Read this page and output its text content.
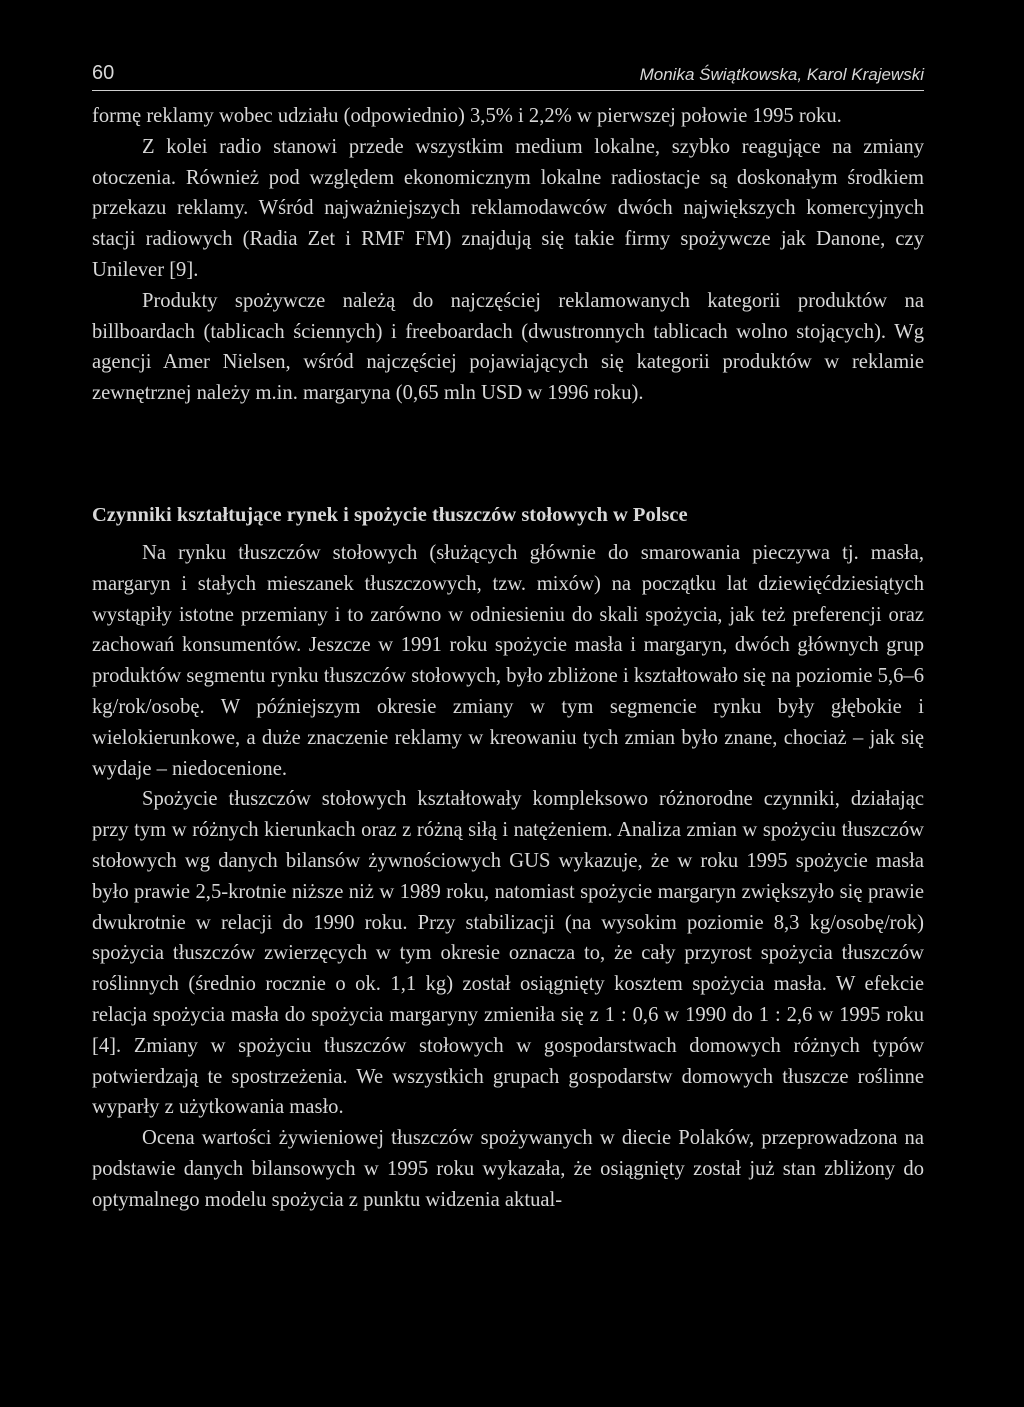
60	Monika Świątkowska, Karol Krajewski

formę reklamy wobec udziału (odpowiednio) 3,5% i 2,2% w pierwszej połowie 1995 roku.

Z kolei radio stanowi przede wszystkim medium lokalne, szybko reagujące na zmiany otoczenia. Również pod względem ekonomicznym lokalne radiostacje są doskonałym środkiem przekazu reklamy. Wśród najważniejszych reklamodawców dwóch największych komercyjnych stacji radiowych (Radia Zet i RMF FM) znajdują się takie firmy spożywcze jak Danone, czy Unilever [9].

Produkty spożywcze należą do najczęściej reklamowanych kategorii produktów na billboardach (tablicach ściennych) i freeboardach (dwustronnych tablicach wolno stojących). Wg agencji Amer Nielsen, wśród najczęściej pojawiających się kategorii produktów w reklamie zewnętrznej należy m.in. margaryna (0,65 mln USD w 1996 roku).

Czynniki kształtujące rynek i spożycie tłuszczów stołowych w Polsce

Na rynku tłuszczów stołowych (służących głównie do smarowania pieczywa tj. masła, margaryn i stałych mieszanek tłuszczowych, tzw. mixów) na początku lat dziewięćdziesiątych wystąpiły istotne przemiany i to zarówno w odniesieniu do skali spożycia, jak też preferencji oraz zachowań konsumentów. Jeszcze w 1991 roku spożycie masła i margaryn, dwóch głównych grup produktów segmentu rynku tłuszczów stołowych, było zbliżone i kształtowało się na poziomie 5,6–6 kg/rok/osobę. W późniejszym okresie zmiany w tym segmencie rynku były głębokie i wielokierunkowe, a duże znaczenie reklamy w kreowaniu tych zmian było znane, chociaż – jak się wydaje – niedocenione.

Spożycie tłuszczów stołowych kształtowały kompleksowo różnorodne czynniki, działając przy tym w różnych kierunkach oraz z różną siłą i natężeniem. Analiza zmian w spożyciu tłuszczów stołowych wg danych bilansów żywnościowych GUS wykazuje, że w roku 1995 spożycie masła było prawie 2,5-krotnie niższe niż w 1989 roku, natomiast spożycie margaryn zwiększyło się prawie dwukrotnie w relacji do 1990 roku. Przy stabilizacji (na wysokim poziomie 8,3 kg/osobę/rok) spożycia tłuszczów zwierzęcych w tym okresie oznacza to, że cały przyrost spożycia tłuszczów roślinnych (średnio rocznie o ok. 1,1 kg) został osiągnięty kosztem spożycia masła. W efekcie relacja spożycia masła do spożycia margaryny zmieniła się z 1 : 0,6 w 1990 do 1 : 2,6 w 1995 roku [4]. Zmiany w spożyciu tłuszczów stołowych w gospodarstwach domowych różnych typów potwierdzają te spostrzeżenia. We wszystkich grupach gospodarstw domowych tłuszcze roślinne wyparły z użytkowania masło.

Ocena wartości żywieniowej tłuszczów spożywanych w diecie Polaków, przeprowadzona na podstawie danych bilansowych w 1995 roku wykazała, że osiągnięty został już stan zbliżony do optymalnego modelu spożycia z punktu widzenia aktual-
